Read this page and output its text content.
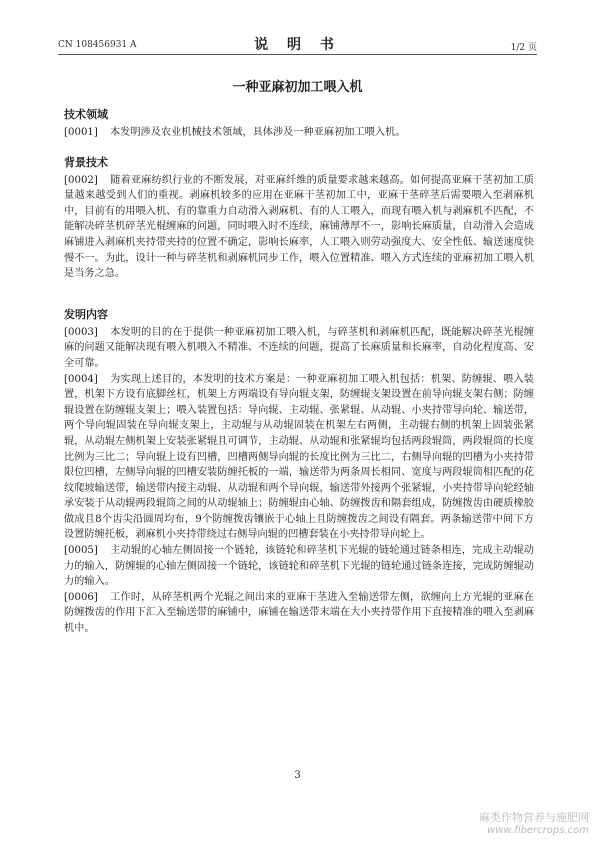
CN 108456931 A	说 明 书	1/2 页
一种亚麻初加工喂入机
技术领域

[0001] 本发明涉及农业机械技术领域，具体涉及一种亚麻初加工喂入机。

背景技术

[0002] 随着亚麻纺织行业的不断发展，对亚麻纤维的质量要求越来越高。如何提高亚麻干茎初加工质量越来越受到人们的重视。剥麻机较多的应用在亚麻干茎初加工中，亚麻干茎碎茎后需要喂入至剥麻机中，目前有的用喂入机、有的靠重力自动滑入剥麻机、有的人工喂入，而现有喂入机与剥麻机不匹配，不能解决碎茎机碎茎光棍缠麻的问题，同时喂入时不连续，麻铺薄厚不一，影响长麻质量，自动滑入会造成麻铺进入剥麻机夹持带夹持的位置不确定，影响长麻率，人工喂入则劳动强度大、安全性低、输送速度快慢不一。为此，设计一种与碎茎机和剥麻机同步工作，喂入位置精准、喂入方式连续的亚麻初加工喂入机是当务之急。

发明内容

[0003] 本发明的目的在于提供一种亚麻初加工喂入机，与碎茎机和剥麻机匹配，既能解决碎茎光棍缠麻的问题又能解决现有喂入机喂入不精准、不连续的问题，提高了长麻质量和长麻率，自动化程度高、安全可靠。

[0004] 为实现上述目的，本发明的技术方案是：一种亚麻初加工喂入机包括：机架、防缠辊、喂入装置，机架下方设有底脚丝杠，机架上方两端设有导向辊支架，防缠辊支架设置在前导向辊支架右侧；防缠辊设置在防缠辊支架上；喂入装置包括：导向辊、主动辊、张紧辊、从动辊、小夹持带导向轮、输送带，两个导向辊固装在导向辊支架上，主动辊与从动辊固装在机架左右两侧，主动辊右侧的机架上固装张紧辊，从动辊左侧机架上安装张紧辊且可调节，主动辊、从动辊和张紧辊均包括两段辊筒，两段辊筒的长度比例为三比二；导向辊上设有凹槽，凹槽两侧导向辊的长度比例为三比二，右侧导向辊的凹槽为小夹持带限位凹槽，左侧导向辊的凹槽安装防缠托板的一端，输送带为两条周长相同、宽度与两段辊筒相匹配的花纹爬坡输送带，输送带内接主动辊、从动辊和两个导向辊，输送带外接两个张紧辊，小夹持带导向轮经轴承安装于从动辊两段辊筒之间的从动辊轴上；防缠辊由心轴、防缠拨齿和隔套组成，防缠拨齿由硬质橡胶做成且8个齿尖沿圆周均布，9个防缠拨齿镶嵌于心轴上且防缠拨齿之间设有隔套。两条输送带中间下方设置防缠托板，剥麻机小夹持带绕过右侧导向辊的凹槽套装在小夹持带导向轮上。

[0005] 主动辊的心轴左侧固接一个链轮，该链轮和碎茎机下光辊的链轮通过链条相连，完成主动辊动力的输入，防缠辊的心轴左侧固接一个链轮，该链轮和碎茎机下光辊的链轮通过链条连接，完成防缠辊动力的输入。

[0006] 工作时，从碎茎机两个光辊之间出来的亚麻干茎进入至输送带左侧，欲缠向上方光辊的亚麻在防缠拨齿的作用下汇入至输送带的麻铺中，麻铺在输送带末端在大小夹持带作用下直接精准的喂入至剥麻机中。

3
麻类作物营养与施肥网
www.fibercrops.com
